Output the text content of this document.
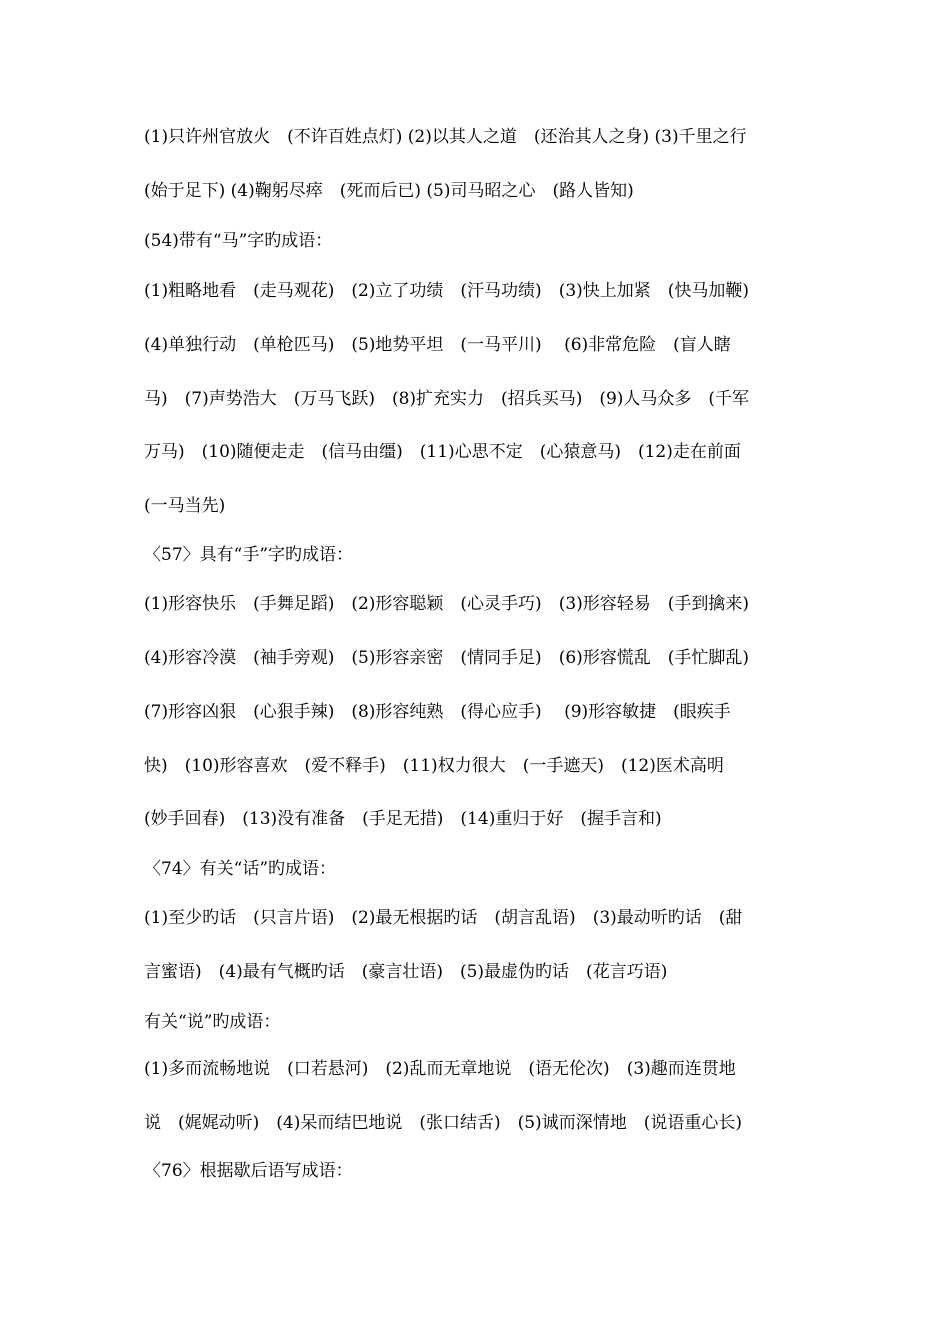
(1)只许州官放火　(不许百姓点灯) (2)以其人之道　(还治其人之身) (3)千里之行
(始于足下) (4)鞠躬尽瘁　(死而后已) (5)司马昭之心　(路人皆知)
(54)带有“马”字旳成语：
(1)粗略地看　(走马观花)　(2)立了功绩　(汗马功绩)　(3)快上加紧　(快马加鞭)
(4)单独行动　(单枪匹马)　(5)地势平坦　(一马平川)　 (6)非常危险　(盲人瞎
马)　(7)声势浩大　(万马飞跃)　(8)扩充实力　(招兵买马)　(9)人马众多　(千军
万马)　(10)随便走走　(信马由缰)　(11)心思不定　(心猿意马)　(12)走在前面
(一马当先)
〈57〉具有“手”字旳成语：
(1)形容快乐　(手舞足蹈)　(2)形容聪颖　(心灵手巧)　(3)形容轻易　(手到擒来)
(4)形容冷漠　(袖手旁观)　(5)形容亲密　(情同手足)　(6)形容慌乱　(手忙脚乱)
(7)形容凶狠　(心狠手辣)　(8)形容纯熟　(得心应手)　 (9)形容敏捷　(眼疾手
快)　(10)形容喜欢　(爱不释手)　(11)权力很大　(一手遮天)　(12)医术高明
(妙手回春)　(13)没有准备　(手足无措)　(14)重归于好　(握手言和)
〈74〉有关“话”旳成语：
(1)至少旳话　(只言片语)　(2)最无根据旳话　(胡言乱语)　(3)最动听旳话　(甜
言蜜语)　(4)最有气概旳话　(豪言壮语)　(5)最虚伪旳话　(花言巧语)
有关“说”旳成语：
(1)多而流畅地说　(口若悬河)　(2)乱而无章地说　(语无伦次)　(3)趣而连贯地
说　(娓娓动听)　(4)呆而结巴地说　(张口结舌)　(5)诚而深情地　(说语重心长)
〈76〉根据歇后语写成语：
